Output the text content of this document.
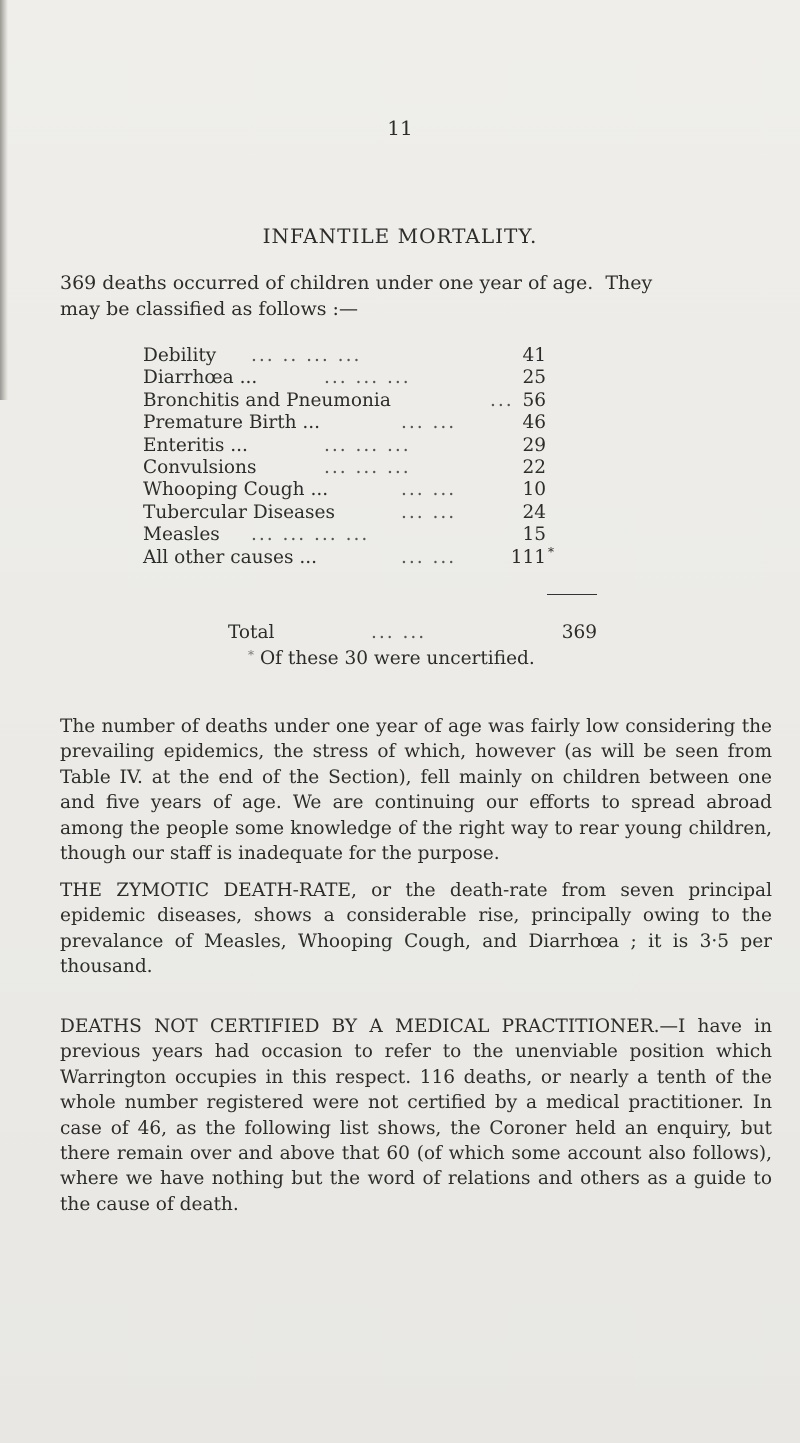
11
INFANTILE MORTALITY.
369 deaths occurred of children under one year of age.  They
may be classified as follows :—
Debility ... .. ... ...	41
Diarrhœa ...	... ... ...	25
Bronchitis and Pneumonia	... 56
Premature Birth ...	... ...	46
Enteritis ...	... ... ...	29
Convulsions	... ... ...	22
Whooping Cough ...	... ...	10
Tubercular Diseases	... ...	24
Measles ... ... ... ...	15
All other causes ...	... ...	111 *
Total	... ...	369
* Of these 30 were uncertified.
The number of deaths under one year of age was fairly low considering the prevailing epidemics, the stress of which, however (as will be seen from Table IV. at the end of the Section), fell mainly on children between one and five years of age. We are continuing our efforts to spread abroad among the people some knowledge of the right way to rear young children, though our staff is inadequate for the purpose.
THE ZYMOTIC DEATH-RATE, or the death-rate from seven principal epidemic diseases, shows a considerable rise, principally owing to the prevalance of Measles, Whooping Cough, and Diarrhœa ; it is 3·5 per thousand.
DEATHS NOT CERTIFIED BY A MEDICAL PRACTITIONER.—I have in previous years had occasion to refer to the unenviable position which Warrington occupies in this respect. 116 deaths, or nearly a tenth of the whole number registered were not certified by a medical practitioner. In case of 46, as the following list shows, the Coroner held an enquiry, but there remain over and above that 60 (of which some account also follows), where we have nothing but the word of relations and others as a guide to the cause of death.
